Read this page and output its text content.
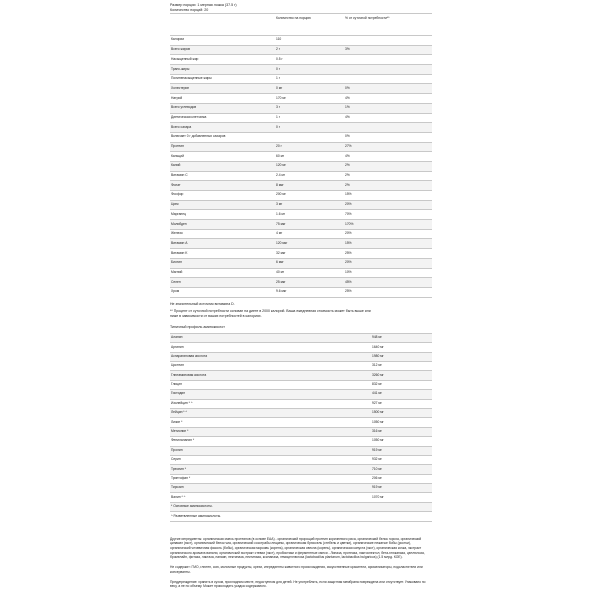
Размер порции: 1 мерная ложка (37.5 г)
Количество порций: 20
	Количество на порцию	% от суточной потребности**
Калории	110	
Всего жиров	2 г	3%
Насыщенный жир	0.5 г	
Транс-жиры	0 г	
Полиненасыщенные жиры	1 г	
Холестерин	0 мг	0%
Натрий	170 мг	4%
Всего углеводов	3 г	1%
Диетическая клетчатка	1 г	4%
Всего сахара	0 г	
Включает 0 г добавленных сахаров		0%
Протеин	20 г	27%
Кальций	60 мг	4%
Калий	120 мг	2%
Витамин C	2.4 мг	2%
Фолат	8 мкг	2%
Фосфор	200 мг	15%
Цинк	3 мг	20%
Марганец	1.6 мг	70%
Молибден	75 мкг	170%
Железо	4 мг	20%
Витамин A	120 мкг	15%
Витамин K	32 мкг	25%
Биотин	6 мкг	20%
Магний	40 мг	10%
Селен	25 мкг	45%
Хром	9.6 мкг	25%
Не значительный источник витамина D.
** Процент от суточной потребности основан на диете в 2000 калорий. Ваша ежедневная стоимость может быть выше или
ниже в зависимости от ваших потребностей в калориях.
Типичный профиль аминокислот
Аланин	948 мг
Аргинин	1640 мг
Аспарагиновая кислота	1980 мг
Цистеин	312 мг
Глютаминовая кислота	3260 мг
Глицин	832 мг
Гистидин	441 мг
Изолейцин * ^	927 мг
Лейцин * ^	1500 мг
Лизин *	1050 мг
Метионин *	316 мг
Фенилаланин *	1050 мг
Пролин	919 мг
Серин	932 мг
Треонин *	710 мг
Триптофан *	206 мг
Тирозин	919 мг
Валин * ^	1070 мг
* Основные аминокислоты.	
^ Разветвленные аминокислоты.	
Другие ингредиенты: органическая смесь протеинов (в основе EAA) - органический пророщий протеин коричневого риса, органический белок гороха, органический цинамат (экст), органический белок чиа, органический сосстрабы лещины, органическая брюссель (стебель и цветки), органические нежатые бобы (ростки), органический чечевичная фасоль (бобы), органическая морковь (корень), органическая свекла (корень), органическая капуста (экст), органическая кочка, экстракт органического аромата ванили, органический экстракт стевии (экст), пробиотики и ферментные смеси - Липаза, протеаза, лактоспектол, бета-глюканаза, целлюлоза, бромелайн, фитаза, лактаза, папаин, пектиназа, пектиназа, ксиланаза, гемицеллюлоза (lactobacillus plantarum, lactobacillus bulgaricus) (1.5 млрд. КОЕ).
Не содержит: ГМО, глютен, сою, молочные продукты, орехи, ингредиенты животного происхождения, искусственные красители, ароматизаторы, подсластители или консерванты.
Предупреждение: хранить в сухом, прохладном месте, недоступном для детей. Не употреблять, если защитная мембрана повреждена или отсутствует. Упаковано по весу, а не по объему. Может происходить усадка содержимого.
